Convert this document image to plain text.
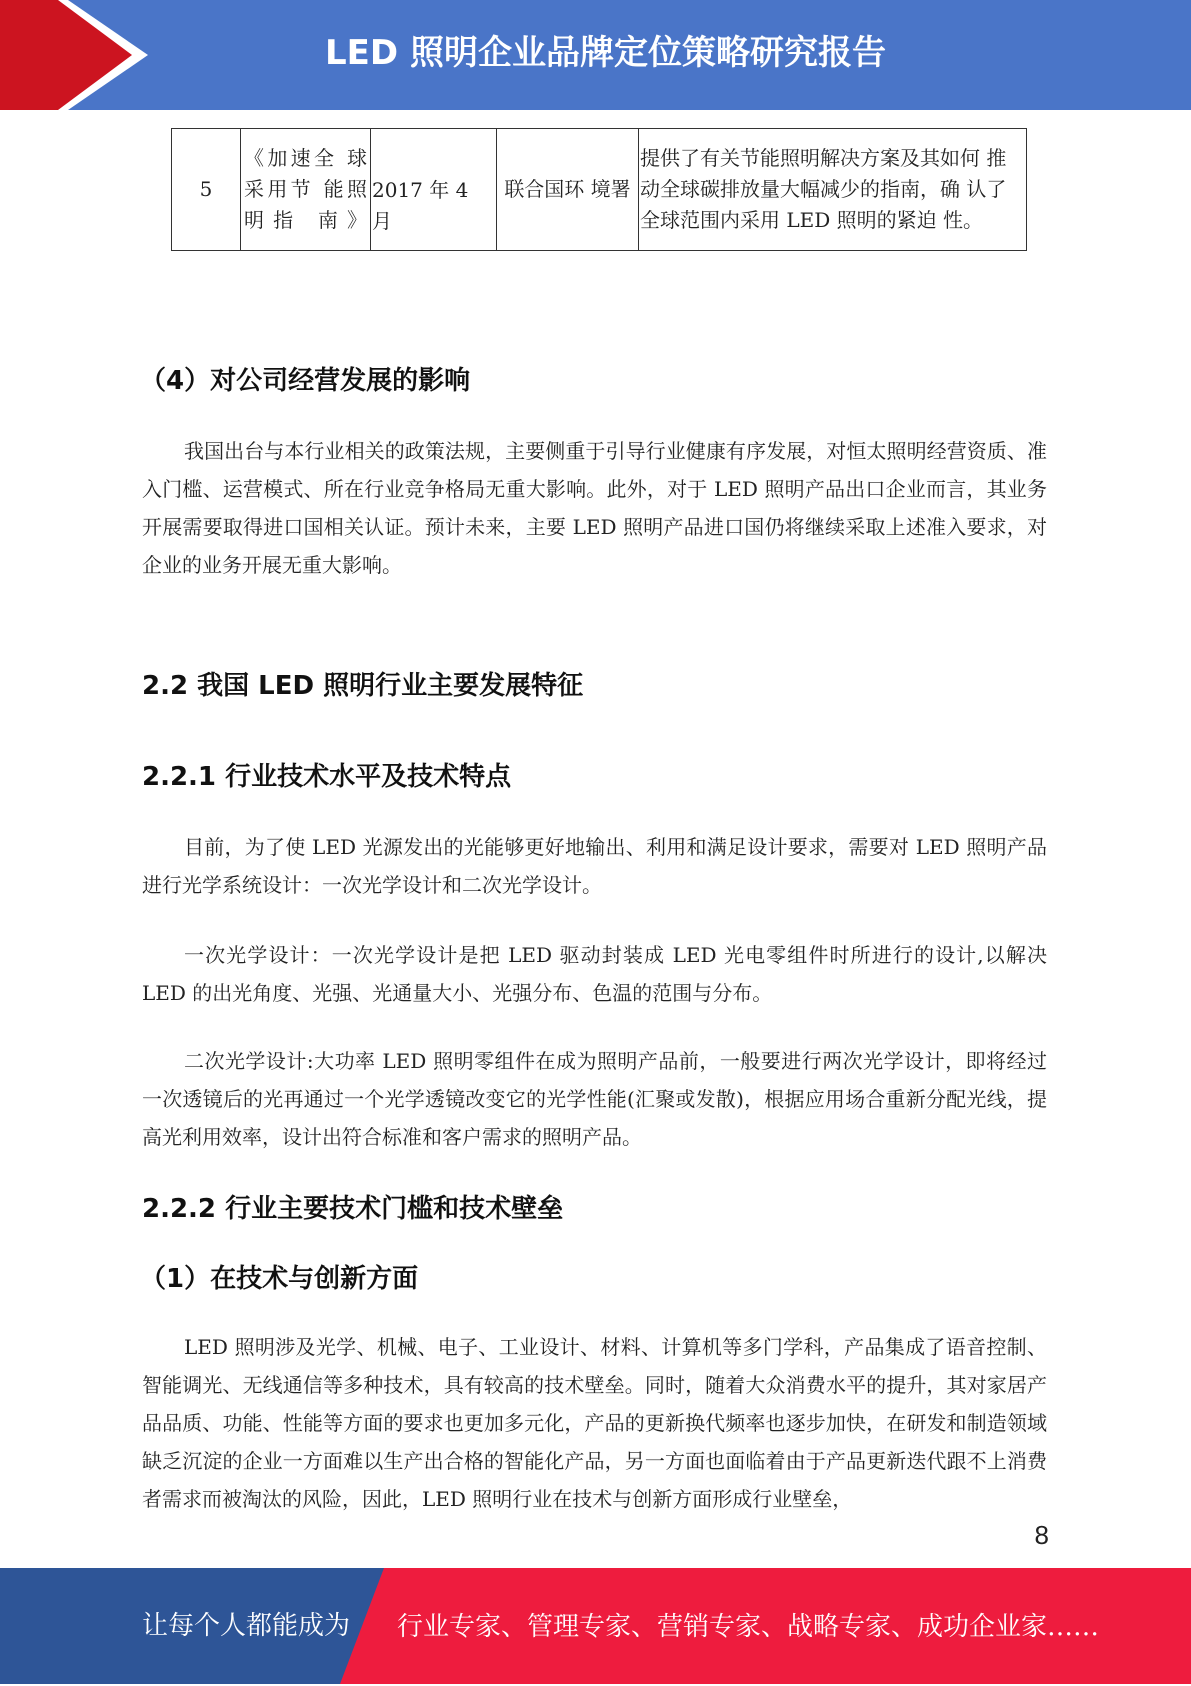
LED 照明企业品牌定位策略研究报告
5	《加速全 球 采用节 能照 明指 南》	2017 年 4 月	联合国环 境署	提供了有关节能照明解决方案及其如何 推动全球碳排放量大幅减少的指南，确 认了全球范围内采用 LED 照明的紧迫 性。
（4）对公司经营发展的影响
我国出台与本行业相关的政策法规，主要侧重于引导行业健康有序发展，对恒太照明经营资质、准入门槛、运营模式、所在行业竞争格局无重大影响。此外，对于 LED 照明产品出口企业而言，其业务开展需要取得进口国相关认证。预计未来，主要 LED 照明产品进口国仍将继续采取上述准入要求，对企业的业务开展无重大影响。
2.2 我国 LED 照明行业主要发展特征
2.2.1 行业技术水平及技术特点
目前，为了使 LED 光源发出的光能够更好地输出、利用和满足设计要求，需要对 LED 照明产品进行光学系统设计：一次光学设计和二次光学设计。
一次光学设计：一次光学设计是把 LED 驱动封装成 LED 光电零组件时所进行的设计,以解决 LED 的出光角度、光强、光通量大小、光强分布、色温的范围与分布。
二次光学设计:大功率 LED 照明零组件在成为照明产品前，一般要进行两次光学设计，即将经过一次透镜后的光再通过一个光学透镜改变它的光学性能(汇聚或发散)，根据应用场合重新分配光线，提高光利用效率，设计出符合标准和客户需求的照明产品。
2.2.2 行业主要技术门槛和技术壁垒
（1）在技术与创新方面
LED 照明涉及光学、机械、电子、工业设计、材料、计算机等多门学科，产品集成了语音控制、智能调光、无线通信等多种技术，具有较高的技术壁垒。同时，随着大众消费水平的提升，其对家居产品品质、功能、性能等方面的要求也更加多元化，产品的更新换代频率也逐步加快，在研发和制造领域缺乏沉淀的企业一方面难以生产出合格的智能化产品，另一方面也面临着由于产品更新迭代跟不上消费者需求而被淘汰的风险，因此，LED 照明行业在技术与创新方面形成行业壁垒，
8
让每个人都能成为 行业专家、管理专家、营销专家、战略专家、成功企业家……
